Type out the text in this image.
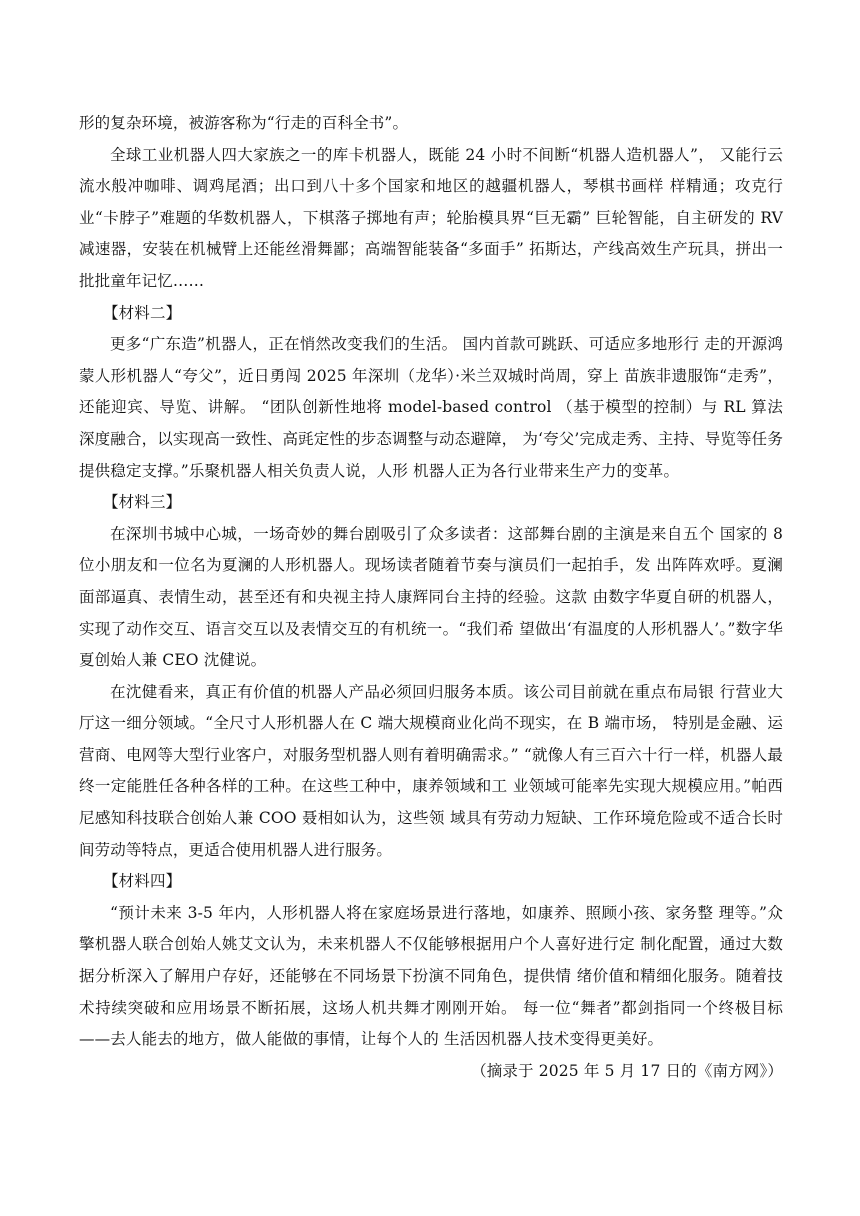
形的复杂环境，被游客称为“行走的百科全书”。

全球工业机器人四大家族之一的库卡机器人，既能 24 小时不间断“机器人造机器人”， 又能行云流水般冲咖啡、调鸡尾酒；出口到八十多个国家和地区的越疆机器人，琴棋书画样 样精通；攻克行业“卡脖子”难题的华数机器人，下棋落子掷地有声；轮胎模具界“巨无霸” 巨轮智能，自主研发的 RV 减速器，安装在机械臂上还能丝滑舞鄙；高端智能装备“多面手” 拓斯达，产线高效生产玩具，拼出一批批童年记忆……

【材料二】

更多“广东造”机器人，正在悄然改变我们的生活。 国内首款可跳跃、可适应多地形行 走的开源鸿蒙人形机器人“夸父”，近日勇闯 2025 年深圳（龙华）·米兰双城时尚周，穿上 苗族非遗服饰“走秀”，还能迎宾、导览、讲解。 “团队创新性地将 model-based control （基于模型的控制）与 RL 算法深度融合，以实现高一致性、高毭定性的步态调整与动态避障， 为‘夸父’完成走秀、主持、导览等任务提供稳定支撑。”乐聚机器人相关负责人说，人形 机器人正为各行业带来生产力的变革。

【材料三】

在深圳书城中心城，一场奇妙的舞台剧吸引了众多读者：这部舞台剧的主演是来自五个 国家的 8 位小朋友和一位名为夏澜的人形机器人。现场读者随着节奏与演员们一起拍手，发 出阵阵欢呼。夏澜面部逼真、表情生动，甚至还有和央视主持人康辉同台主持的经验。这款 由数字华夏自研的机器人，实现了动作交互、语言交互以及表情交互的有机统一。“我们希 望做出‘有温度的人形机器人’。”数字华夏创始人兼 CEO 沈健说。

在沈健看来，真正有价值的机器人产品必须回归服务本质。该公司目前就在重点布局银 行营业大厅这一细分领域。“全尺寸人形机器人在 C 端大规模商业化尚不现实，在 B 端市场， 特别是金融、运营商、电网等大型行业客户，对服务型机器人则有着明确需求。” “就像人有三百六十行一样，机器人最终一定能胜任各种各样的工种。在这些工种中，康养领域和工 业领域可能率先实现大规模应用。”帕西尼感知科技联合创始人兼 COO 聂相如认为，这些领 域具有劳动力短缺、工作环境危险或不适合长时间劳动等特点，更适合使用机器人进行服务。

【材料四】

“预计未来 3-5 年内，人形机器人将在家庭场景进行落地，如康养、照顾小孩、家务整 理等。”众擎机器人联合创始人姚艾文认为，未来机器人不仅能够根据用户个人喜好进行定 制化配置，通过大数据分析深入了解用户存好，还能够在不同场景下扮演不同角色，提供情 绪价值和精细化服务。随着技术持续突破和应用场景不断拓展，这场人机共舞才刚刚开始。 每一位“舞者”都剑指同一个终极目标——去人能去的地方，做人能做的事情，让每个人的 生活因机器人技术变得更美好。

（摘录于 2025 年 5 月 17 日的《南方网》）
